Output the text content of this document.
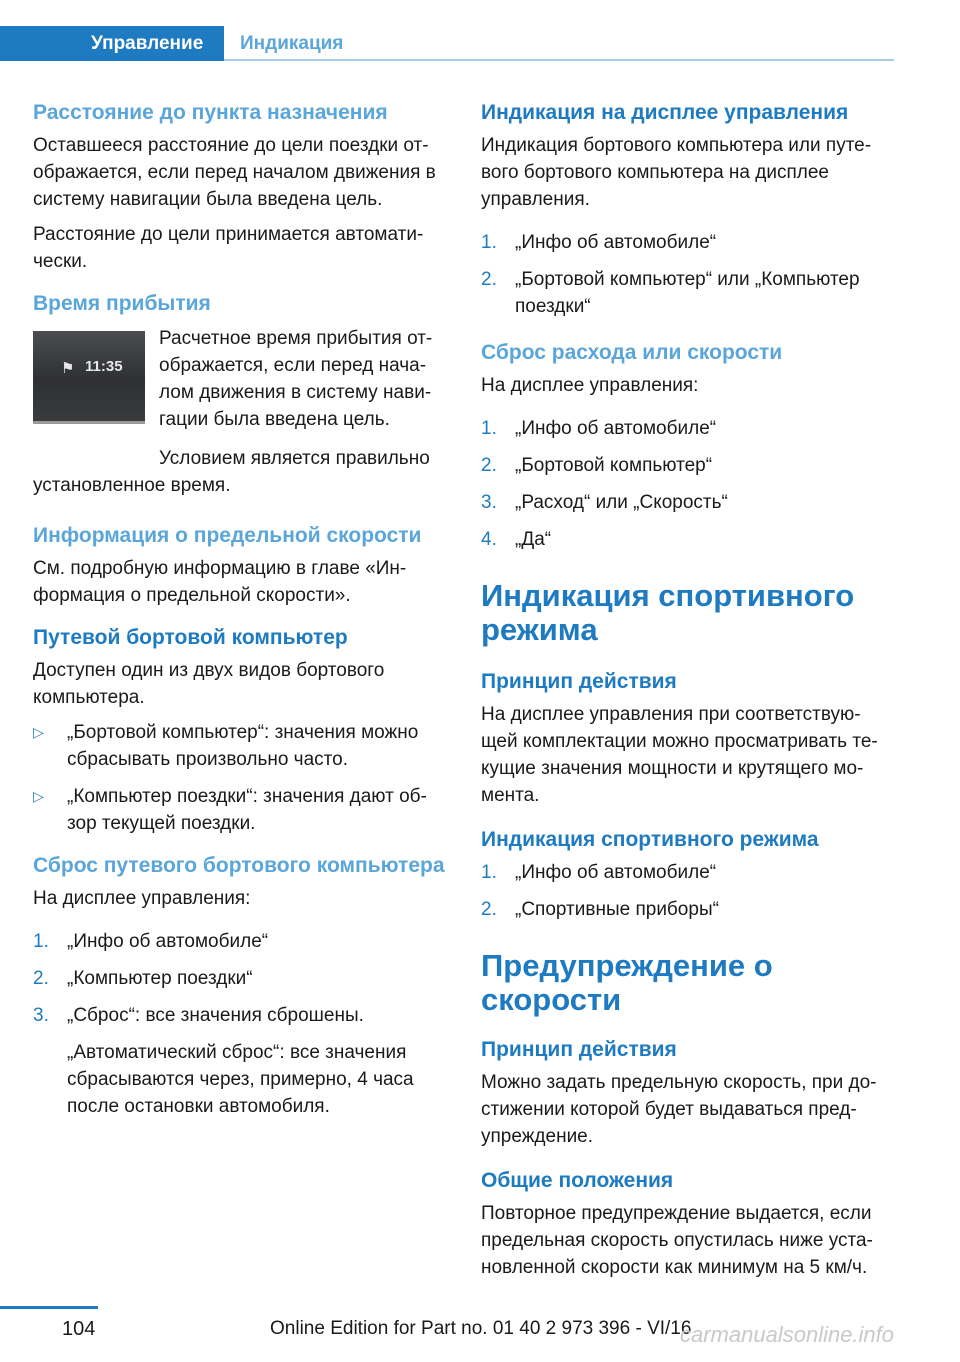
Управление	Индикация
Расстояние до пункта назначения

Оставшееся расстояние до цели поездки от-ображается, если перед началом движения в систему навигации была введена цель.

Расстояние до цели принимается автомати-чески.

Время прибытия
⚑ 11:35

Расчетное время прибытия от-ображается, если перед нача-лом движения в систему нави-гации была введена цель.

Условием является правильно установленное время.

Информация о предельной скорости

См. подробную информацию в главе «Ин-формация о предельной скорости».

Путевой бортовой компьютер

Доступен один из двух видов бортового компьютера.

▷ „Бортовой компьютер“: значения можно сбрасывать произвольно часто.
▷ „Компьютер поездки“: значения дают об-зор текущей поездки.
Сброс путевого бортового компьютера

На дисплее управления:

1. „Инфо об автомобиле“
2. „Компьютер поездки“
3. „Сброс“: все значения сброшены.
„Автоматический сброс“: все значения сбрасываются через, примерно, 4 часа после остановки автомобиля.
Индикация на дисплее управления

Индикация бортового компьютера или путе-вого бортового компьютера на дисплее управления.

1. „Инфо об автомобиле“
2. „Бортовой компьютер“ или „Компьютер поездки“
Сброс расхода или скорости

На дисплее управления:

1. „Инфо об автомобиле“
2. „Бортовой компьютер“
3. „Расход“ или „Скорость“
4. „Да“
Индикация спортивного режима
Принцип действия

На дисплее управления при соответствую-щей комплектации можно просматривать те-кущие значения мощности и крутящего мо-мента.

Индикация спортивного режима
1. „Инфо об автомобиле“
2. „Спортивные приборы“
Предупреждение о скорости
Принцип действия

Можно задать предельную скорость, при до-стижении которой будет выдаваться пред-упреждение.

Общие положения

Повторное предупреждение выдается, если предельная скорость опустилась ниже уста-новленной скорости как минимум на 5 км/ч.

104	Online Edition for Part no. 01 40 2 973 396 - VI/16
carmanualsonline.info
